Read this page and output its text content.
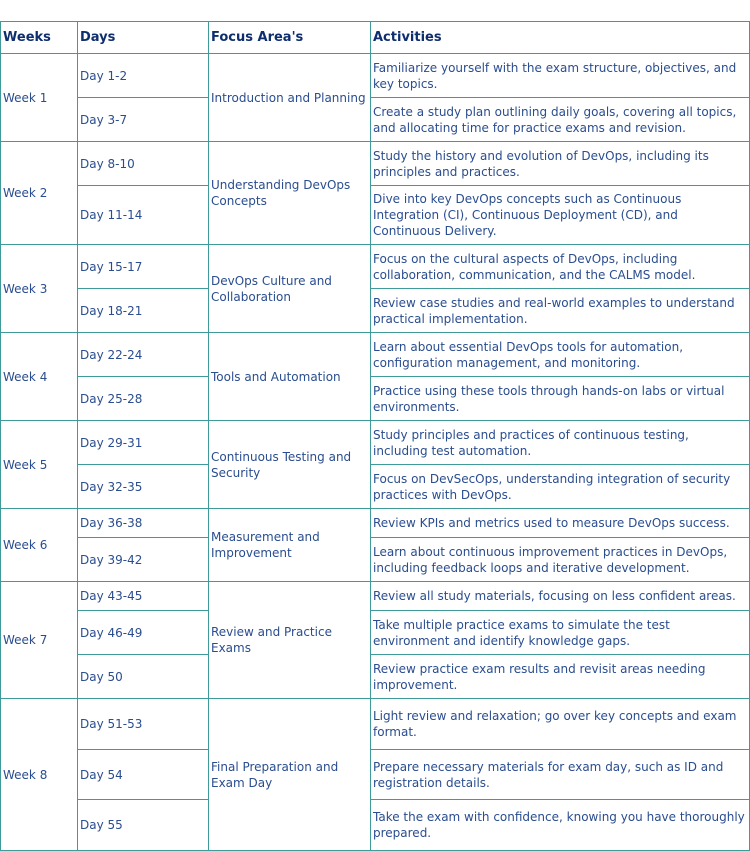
Weeks	Days	Focus Area's	Activities
Week 1	Day 1-2	Introduction and Planning	Familiarize yourself with the exam structure, objectives, and key topics.
	Day 3-7		Create a study plan outlining daily goals, covering all topics, and allocating time for practice exams and revision.
Week 2	Day 8-10	Understanding DevOps Concepts	Study the history and evolution of DevOps, including its principles and practices.
	Day 11-14		Dive into key DevOps concepts such as Continuous Integration (CI), Continuous Deployment (CD), and Continuous Delivery.
Week 3	Day 15-17	DevOps Culture and Collaboration	Focus on the cultural aspects of DevOps, including collaboration, communication, and the CALMS model.
	Day 18-21		Review case studies and real-world examples to understand practical implementation.
Week 4	Day 22-24	Tools and Automation	Learn about essential DevOps tools for automation, configuration management, and monitoring.
	Day 25-28		Practice using these tools through hands-on labs or virtual environments.
Week 5	Day 29-31	Continuous Testing and Security	Study principles and practices of continuous testing, including test automation.
	Day 32-35		Focus on DevSecOps, understanding integration of security practices with DevOps.
Week 6	Day 36-38	Measurement and Improvement	Review KPIs and metrics used to measure DevOps success.
	Day 39-42		Learn about continuous improvement practices in DevOps, including feedback loops and iterative development.
Week 7	Day 43-45	Review and Practice Exams	Review all study materials, focusing on less confident areas.
	Day 46-49		Take multiple practice exams to simulate the test environment and identify knowledge gaps.
	Day 50		Review practice exam results and revisit areas needing improvement.
Week 8	Day 51-53	Final Preparation and Exam Day	Light review and relaxation; go over key concepts and exam format.
	Day 54		Prepare necessary materials for exam day, such as ID and registration details.
	Day 55		Take the exam with confidence, knowing you have thoroughly prepared.
